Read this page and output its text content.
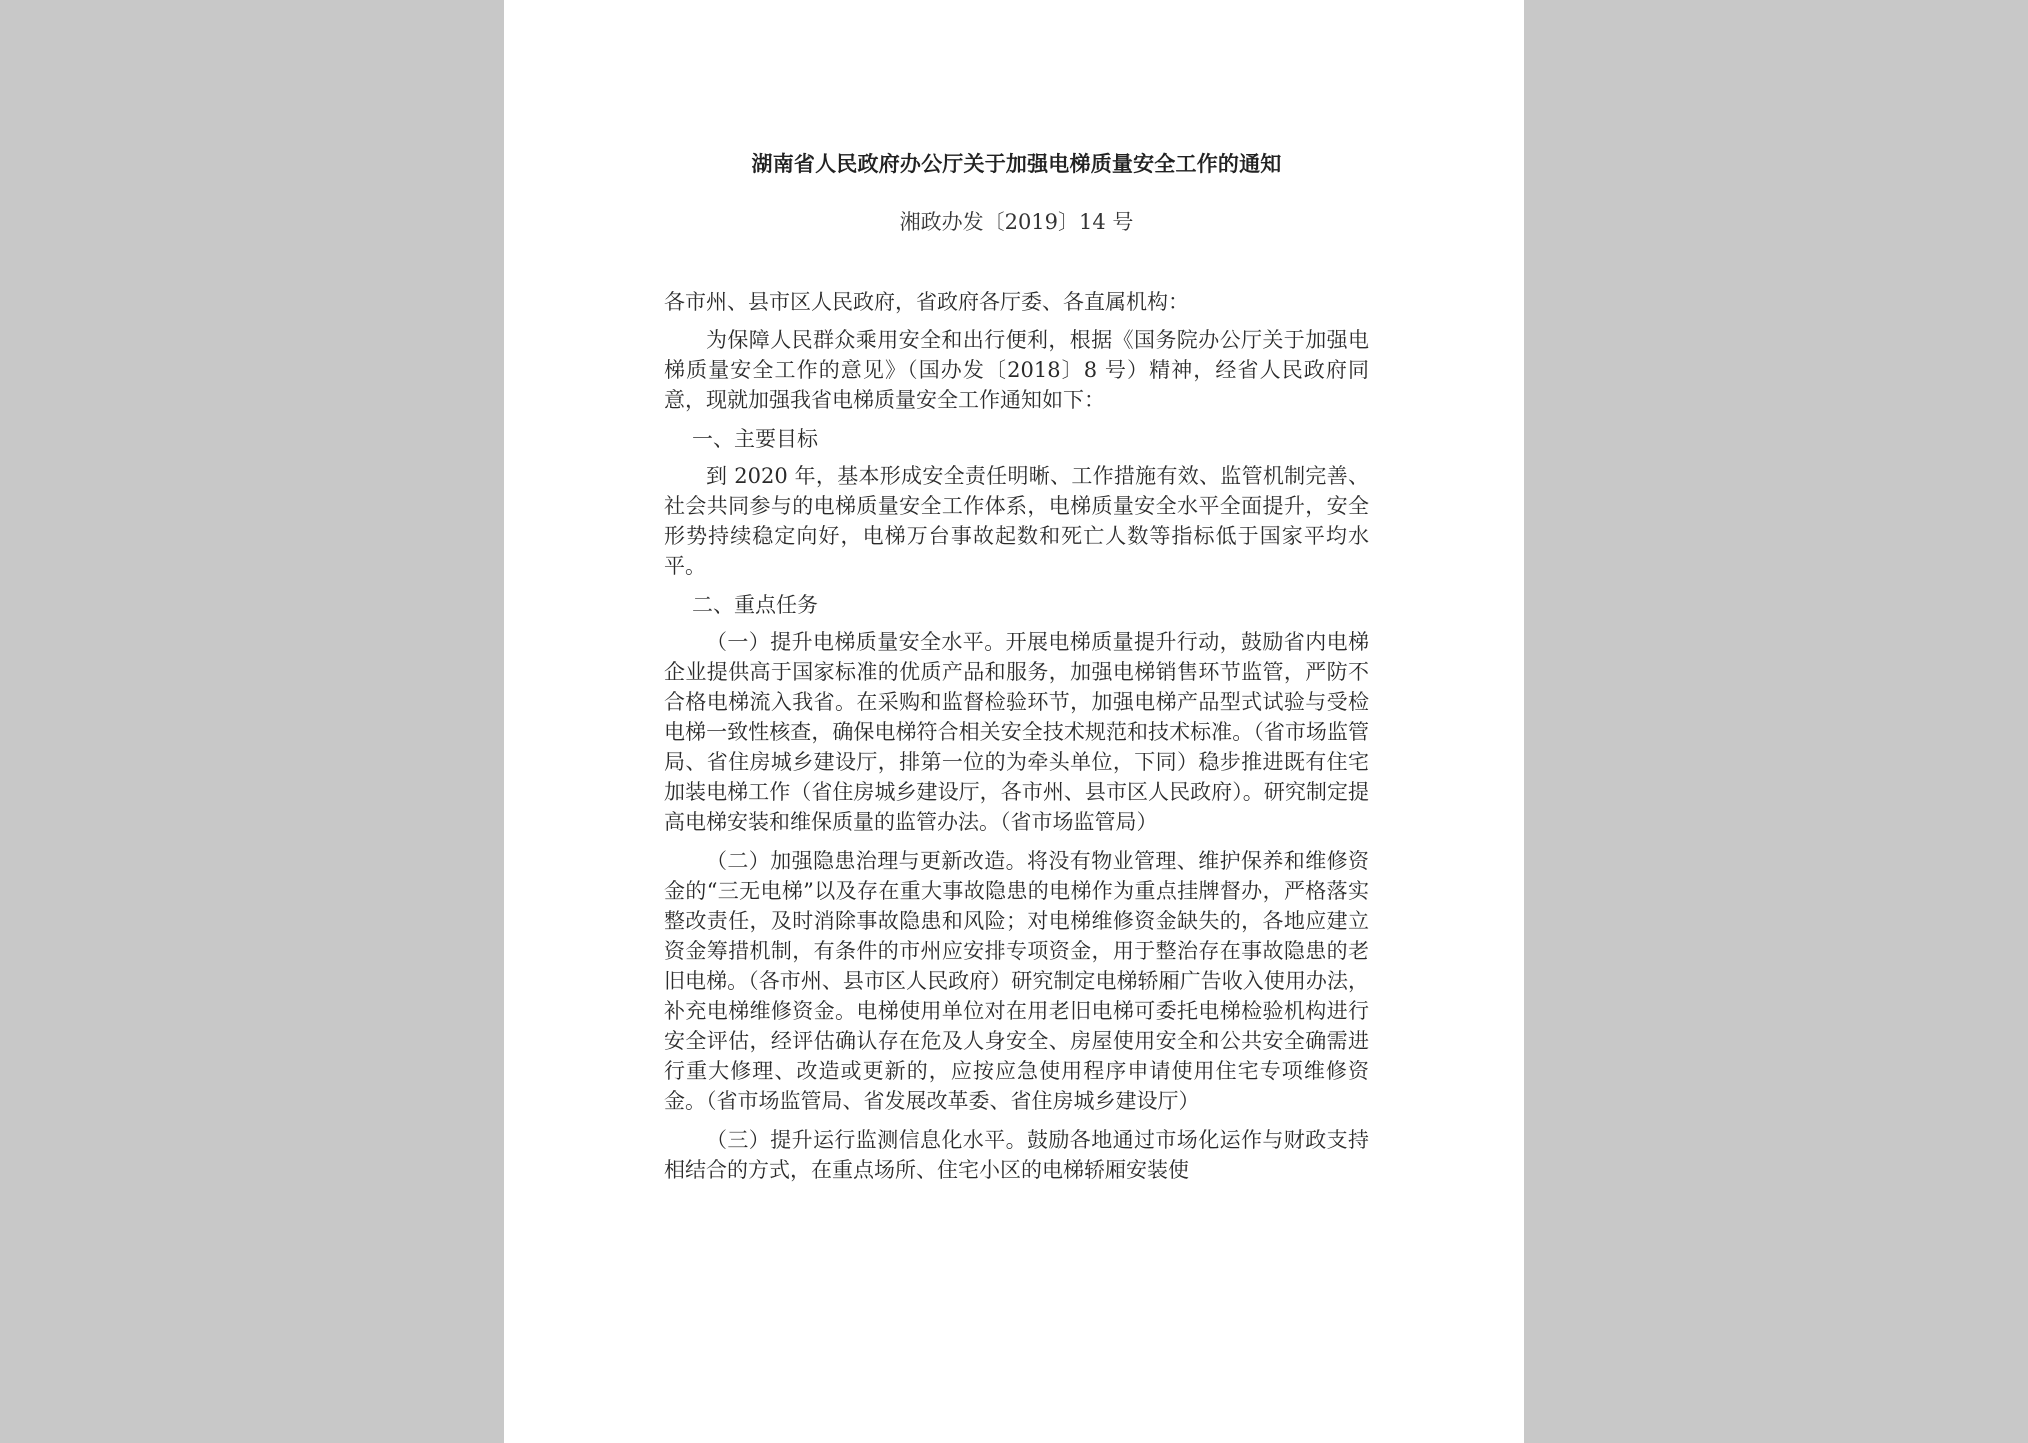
湖南省人民政府办公厅关于加强电梯质量安全工作的通知
湘政办发〔2019〕14 号
各市州、县市区人民政府，省政府各厅委、各直属机构：

为保障人民群众乘用安全和出行便利，根据《国务院办公厅关于加强电梯质量安全工作的意见》（国办发〔2018〕8 号）精神，经省人民政府同意，现就加强我省电梯质量安全工作通知如下：

一、主要目标

到 2020 年，基本形成安全责任明晰、工作措施有效、监管机制完善、社会共同参与的电梯质量安全工作体系，电梯质量安全水平全面提升，安全形势持续稳定向好，电梯万台事故起数和死亡人数等指标低于国家平均水平。

二、重点任务

（一）提升电梯质量安全水平。开展电梯质量提升行动，鼓励省内电梯企业提供高于国家标准的优质产品和服务，加强电梯销售环节监管，严防不合格电梯流入我省。在采购和监督检验环节，加强电梯产品型式试验与受检电梯一致性核查，确保电梯符合相关安全技术规范和技术标准。（省市场监管局、省住房城乡建设厅，排第一位的为牵头单位，下同）稳步推进既有住宅加装电梯工作（省住房城乡建设厅，各市州、县市区人民政府）。研究制定提高电梯安装和维保质量的监管办法。（省市场监管局）

（二）加强隐患治理与更新改造。将没有物业管理、维护保养和维修资金的“三无电梯”以及存在重大事故隐患的电梯作为重点挂牌督办，严格落实整改责任，及时消除事故隐患和风险；对电梯维修资金缺失的，各地应建立资金筹措机制，有条件的市州应安排专项资金，用于整治存在事故隐患的老旧电梯。（各市州、县市区人民政府）研究制定电梯轿厢广告收入使用办法，补充电梯维修资金。电梯使用单位对在用老旧电梯可委托电梯检验机构进行安全评估，经评估确认存在危及人身安全、房屋使用安全和公共安全确需进行重大修理、改造或更新的，应按应急使用程序申请使用住宅专项维修资金。（省市场监管局、省发展改革委、省住房城乡建设厅）

（三）提升运行监测信息化水平。鼓励各地通过市场化运作与财政支持相结合的方式，在重点场所、住宅小区的电梯轿厢安装使
